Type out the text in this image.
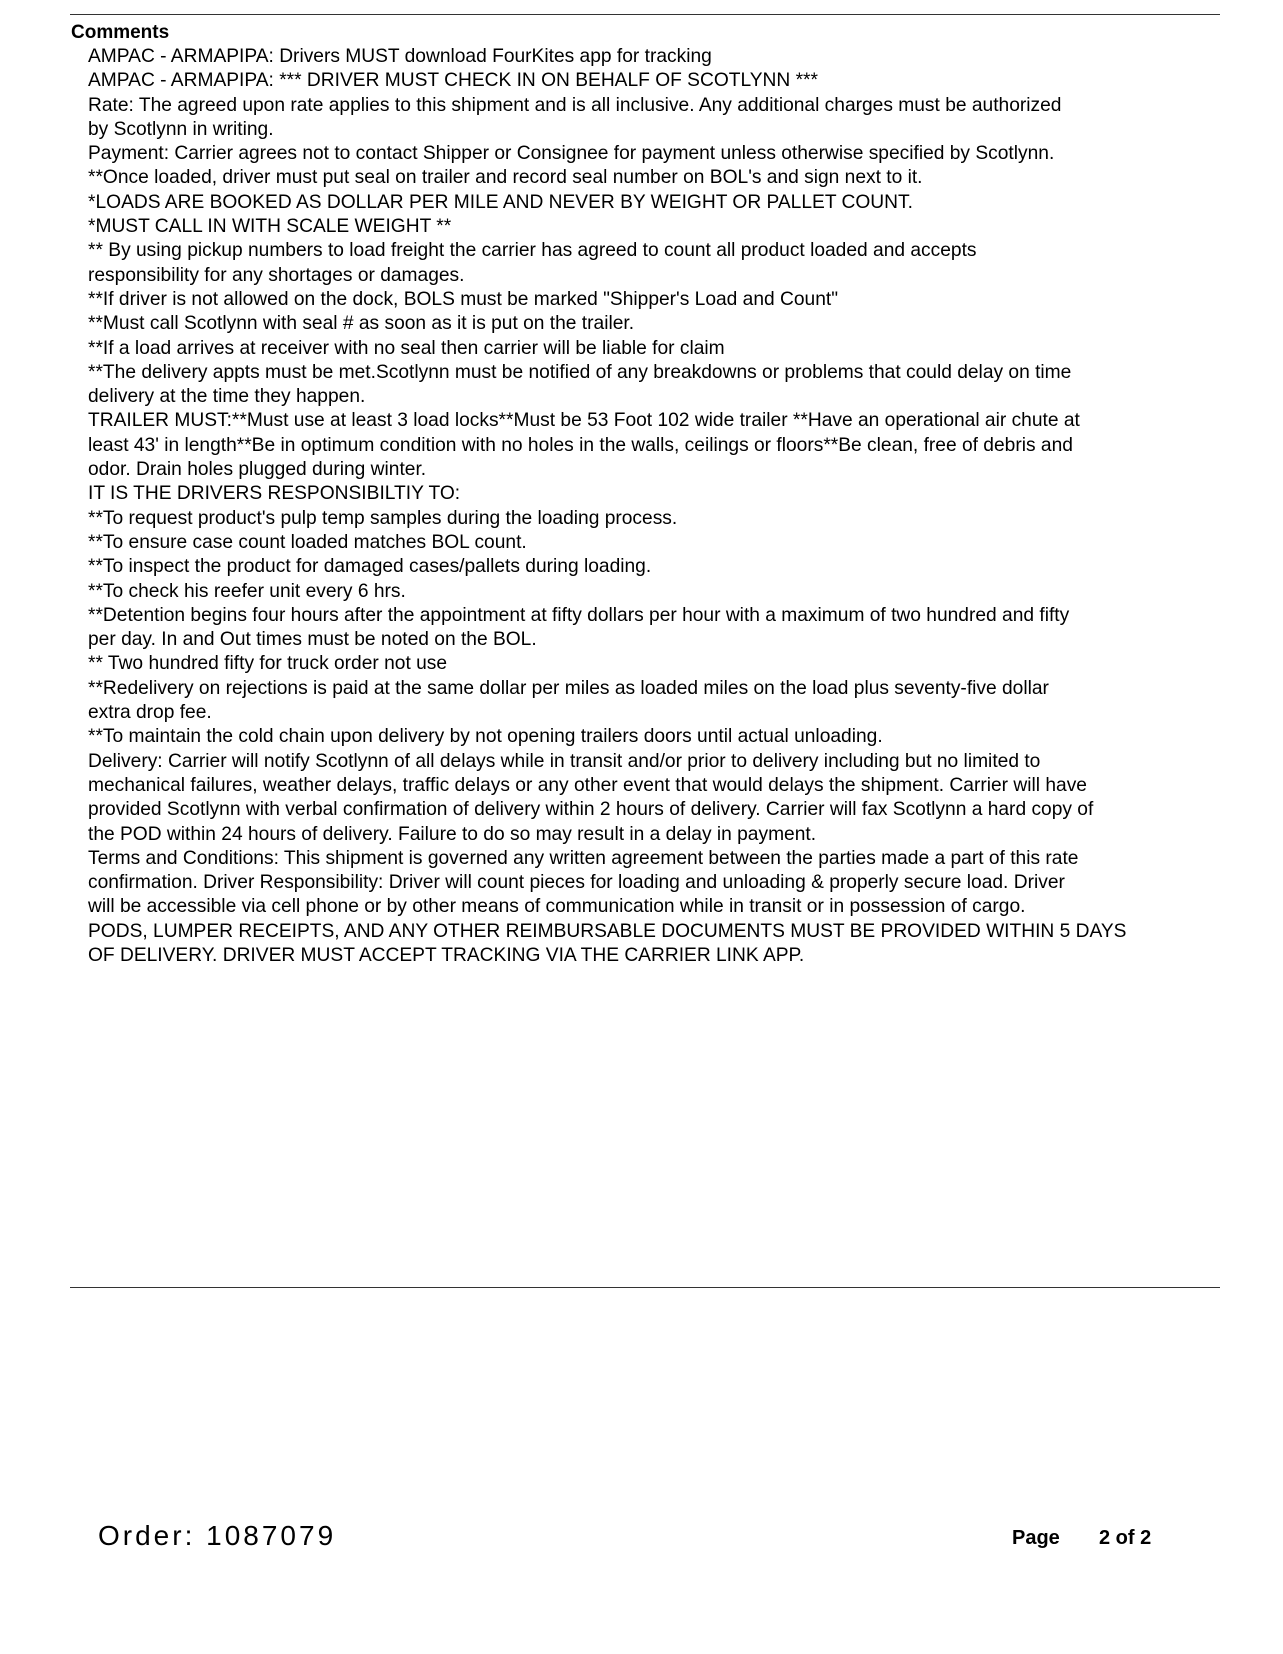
Comments
AMPAC - ARMAPIPA: Drivers MUST download FourKites app for tracking
AMPAC - ARMAPIPA: *** DRIVER MUST CHECK IN ON BEHALF OF SCOTLYNN ***
Rate: The agreed upon rate applies to this shipment and is all inclusive. Any additional charges must be authorized
by Scotlynn in writing.
Payment: Carrier agrees not to contact Shipper or Consignee for payment unless otherwise specified by Scotlynn.
**Once loaded, driver must put seal on trailer and record seal number on BOL's and sign next to it.
*LOADS ARE BOOKED AS DOLLAR PER MILE AND NEVER BY WEIGHT OR PALLET COUNT.
*MUST CALL IN WITH SCALE WEIGHT **
** By using pickup numbers to load freight the carrier has agreed to count all product loaded and accepts
responsibility for any shortages or damages.
**If driver is not allowed on the dock, BOLS must be marked "Shipper's Load and Count"
**Must call Scotlynn with seal # as soon as it is put on the trailer.
**If a load arrives at receiver with no seal then carrier will be liable for claim
**The delivery appts must be met.Scotlynn must be notified of any breakdowns or problems that could delay on time
delivery at the time they happen.
TRAILER MUST:**Must use at least 3 load locks**Must be 53 Foot 102 wide trailer **Have an operational air chute at
least 43' in length**Be in optimum condition with no holes in the walls, ceilings or floors**Be clean, free of debris and
odor. Drain holes plugged during winter.
IT IS THE DRIVERS RESPONSIBILTIY TO:
**To request product's pulp temp samples during the loading process.
**To ensure case count loaded matches BOL count.
**To inspect the product for damaged cases/pallets during loading.
**To check his reefer unit every 6 hrs.
**Detention begins four hours after the appointment at fifty dollars per hour with a maximum of two hundred and fifty
per day. In and Out times must be noted on the BOL.
** Two hundred fifty for truck order not use
**Redelivery on rejections is paid at the same dollar per miles as loaded miles on the load plus seventy-five dollar
extra drop fee.
**To maintain the cold chain upon delivery by not opening trailers doors until actual unloading.
Delivery: Carrier will notify Scotlynn of all delays while in transit and/or prior to delivery including but no limited to
mechanical failures, weather delays, traffic delays or any other event that would delays the shipment. Carrier will have
provided Scotlynn with verbal confirmation of delivery within 2 hours of delivery. Carrier will fax Scotlynn a hard copy of
the POD within 24 hours of delivery. Failure to do so may result in a delay in payment.
Terms and Conditions: This shipment is governed any written agreement between the parties made a part of this rate
confirmation. Driver Responsibility: Driver will count pieces for loading and unloading & properly secure load. Driver
will be accessible via cell phone or by other means of communication while in transit or in possession of cargo.
PODS, LUMPER RECEIPTS, AND ANY OTHER REIMBURSABLE DOCUMENTS MUST BE PROVIDED WITHIN 5 DAYS
OF DELIVERY. DRIVER MUST ACCEPT TRACKING VIA THE CARRIER LINK APP.
Order: 1087079	Page 2 of 2
